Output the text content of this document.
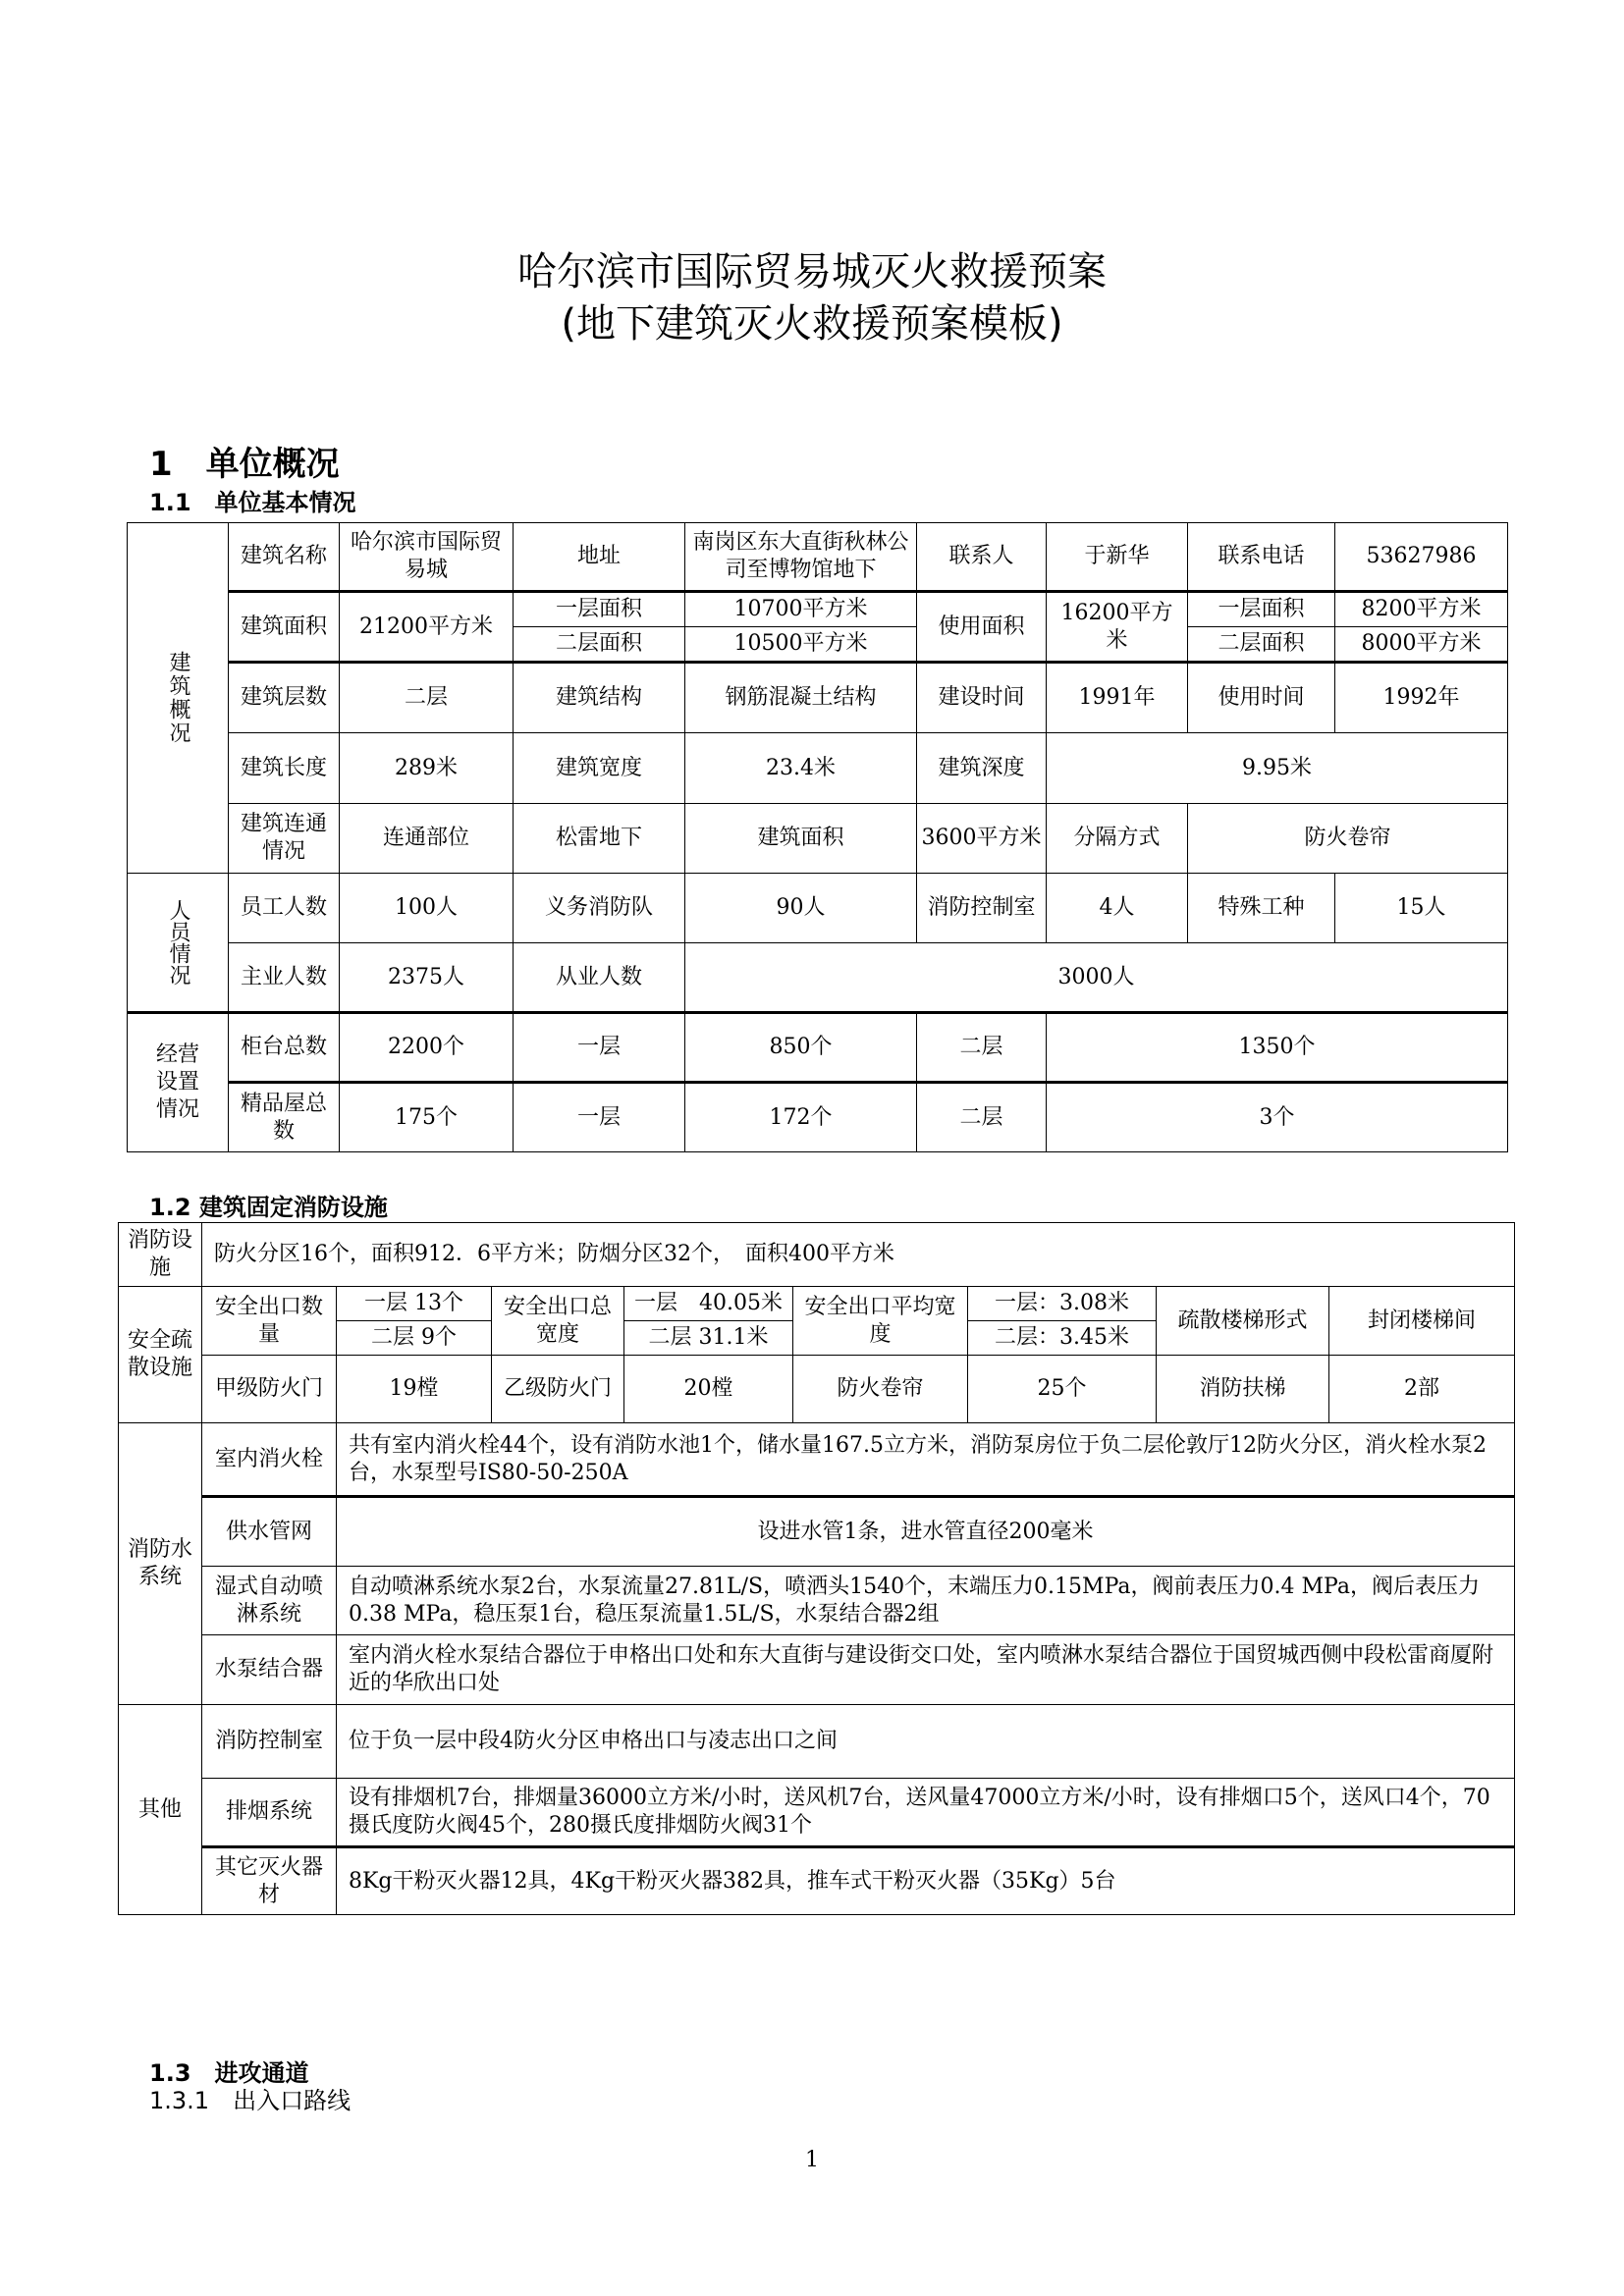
哈尔滨市国际贸易城灭火救援预案
(地下建筑灭火救援预案模板)
1　单位概况
1.1　单位基本情况
建筑概况	建筑名称	哈尔滨市国际贸易城	地址	南岗区东大直街秋林公司至博物馆地下	联系人	于新华	联系电话	53627986
	建筑面积	21200平方米	一层面积	10700平方米	使用面积	16200平方米	一层面积	8200平方米
			二层面积	10500平方米			二层面积	8000平方米
	建筑层数	二层	建筑结构	钢筋混凝土结构	建设时间	1991年	使用时间	1992年
	建筑长度	289米	建筑宽度	23.4米	建筑深度	9.95米		
	建筑连通情况	连通部位	松雷地下	建筑面积	3600平方米	分隔方式	防火卷帘	
人员情况	员工人数	100人	义务消防队	90人	消防控制室	4人	特殊工种	15人
	主业人数	2375人	从业人数	3000人				
经营设置情况	柜台总数	2200个	一层	850个	二层	1350个		
	精品屋总数	175个	一层	172个	二层	3个		
1.2 建筑固定消防设施
消防设施	防火分区16个，面积912．6平方米；防烟分区32个，　面积400平方米							
安全疏散设施	安全出口数量	一层 13个	安全出口总宽度	一层　40.05米	安全出口平均宽度	一层：3.08米	疏散楼梯形式	封闭楼梯间
		二层 9个		二层 31.1米		二层：3.45米		
	甲级防火门	19樘	乙级防火门	20樘	防火卷帘	25个	消防扶梯	2部
消防水系统	室内消火栓	共有室内消火栓44个，设有消防水池1个，储水量167.5立方米，消防泵房位于负二层伦敦厅12防火分区，消火栓水泵2台，水泵型号IS80-50-250A						
	供水管网	设进水管1条，进水管直径200毫米						
	湿式自动喷淋系统	自动喷淋系统水泵2台，水泵流量27.81L/S，喷洒头1540个，末端压力0.15MPa，阀前表压力0.4 MPa，阀后表压力0.38 MPa，稳压泵1台，稳压泵流量1.5L/S，水泵结合器2组						
	水泵结合器	室内消火栓水泵结合器位于申格出口处和东大直街与建设街交口处，室内喷淋水泵结合器位于国贸城西侧中段松雷商厦附近的华欣出口处						
其他	消防控制室	位于负一层中段4防火分区申格出口与凌志出口之间						
	排烟系统	设有排烟机7台，排烟量36000立方米/小时，送风机7台，送风量47000立方米/小时，设有排烟口5个，送风口4个，70摄氏度防火阀45个，280摄氏度排烟防火阀31个						
	其它灭火器材	8Kg干粉灭火器12具，4Kg干粉灭火器382具，推车式干粉灭火器（35Kg）5台						
1.3　进攻通道
1.3.1　出入口路线
1
